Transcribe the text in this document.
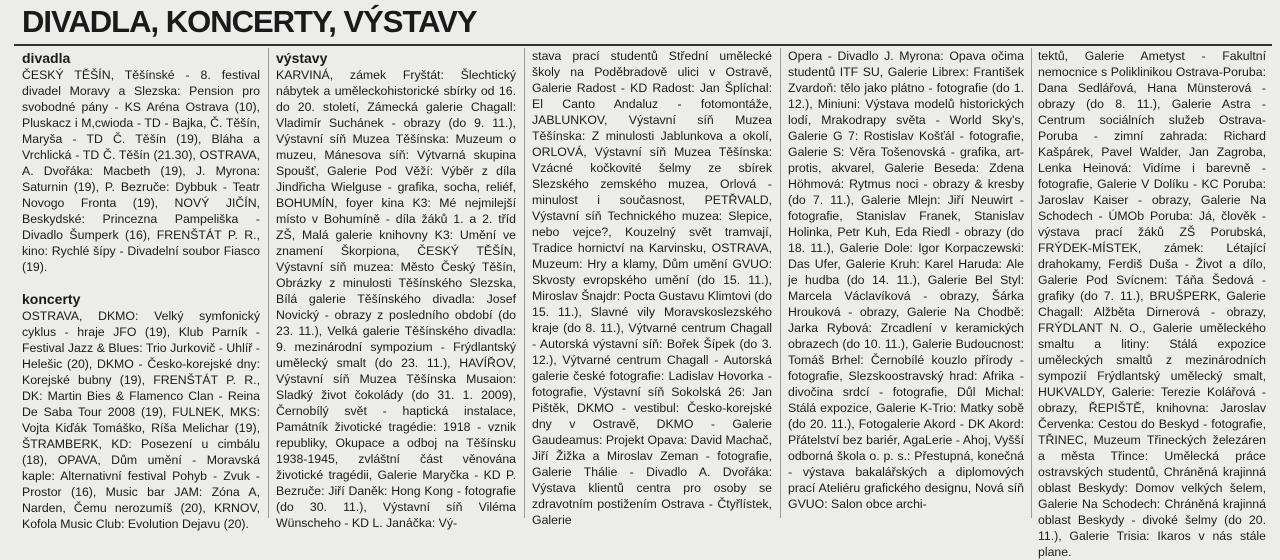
DIVADLA, KONCERTY, VÝSTAVY
divadla

ČESKÝ TĚŠÍN, Těšínské - 8. festival divadel Moravy a Slezska: Pension pro svobodné pány - KS Aréna Ostrava (10), Pluskacz i M,cwioda - TD - Bajka, Č. Těšín, Maryša - TD Č. Těšín (19), Bláha a Vrchlická - TD Č. Těšín (21.30), OSTRAVA, A. Dvořáka: Macbeth (19), J. Myrona: Saturnin (19), P. Bezruče: Dybbuk - Teatr Novogo Fronta (19), NOVÝ JIČÍN, Beskydské: Princezna Pampeliška - Divadlo Šumperk (16), FRENŠTÁT P. R., kino: Rychlé šípy - Divadelní soubor Fiasco (19).

koncerty

OSTRAVA, DKMO: Velký symfonický cyklus - hraje JFO (19), Klub Parník - Festival Jazz & Blues: Trio Jurkovič - Uhlíř - Helešic (20), DKMO - Česko-korejské dny: Korejské bubny (19), FRENŠTÁT P. R., DK: Martin Bies & Flamenco Clan - Reina De Saba Tour 2008 (19), FULNEK, MKS: Vojta Kiďák Tomáško, Ríša Melichar (19), ŠTRAMBERK, KD: Posezení u cimbálu (18), OPAVA, Dům umění - Moravská kaple: Alternativní festival Pohyb - Zvuk - Prostor (16), Music bar JAM: Zóna A, Narden, Čemu nerozumíš (20), KRNOV, Kofola Music Club: Evolution Dejavu (20).

výstavy

KARVINÁ, zámek Fryštát: Šlechtický nábytek a uměleckohistorické sbírky od 16. do 20. století, Zámecká galerie Chagall: Vladimír Suchánek - obrazy (do 9. 11.), Výstavní síň Muzea Těšínska: Muzeum o muzeu, Mánesova síň: Výtvarná skupina Spoušť, Galerie Pod Věží: Výběr z díla Jindřicha Wielguse - grafika, socha, reliéf, BOHUMÍN, foyer kina K3: Mé nejmilejší místo v Bohumíně - díla žáků 1. a 2. tříd ZŠ, Malá galerie knihovny K3: Umění ve znamení Škorpiona, ČESKÝ TĚŠÍN, Výstavní síň muzea: Město Český Těšín, Obrázky z minulosti Těšínského Slezska, Bílá galerie Těšínského divadla: Josef Novický - obrazy z posledního období (do 23. 11.), Velká galerie Těšínského divadla: 9. mezinárodní sympozium - Frýdlantský umělecký smalt (do 23. 11.), HAVÍŘOV, Výstavní síň Muzea Těšínska Musaion: Sladký život čokolády (do 31. 1. 2009), Černobílý svět - haptická instalace, Památník životické tragédie: 1918 - vznik republiky, Okupace a odboj na Těšínsku 1938-1945, zvláštní část věnována životické tragédii, Galerie Maryčka - KD P. Bezruče: Jiří Daněk: Hong Kong - fotografie (do 30. 11.), Výstavní síň Viléma Wünscheho - KD L. Janáčka: Vý-

stava prací studentů Střední umělecké školy na Poděbradově ulici v Ostravě, Galerie Radost - KD Radost: Jan Šplíchal: El Canto Andaluz - fotomontáže, JABLUNKOV, Výstavní síň Muzea Těšínska: Z minulosti Jablunkova a okolí, ORLOVÁ, Výstavní síň Muzea Těšínska: Vzácné kočkovité šelmy ze sbírek Slezského zemského muzea, Orlová - minulost i současnost, PETŘVALD, Výstavní síň Technického muzea: Slepice, nebo vejce?, Kouzelný svět tramvají, Tradice hornictví na Karvinsku, OSTRAVA, Muzeum: Hry a klamy, Dům umění GVUO: Skvosty evropského umění (do 15. 11.), Miroslav Šnajdr: Pocta Gustavu Klimtovi (do 15. 11.), Slavné vily Moravskoslezského kraje (do 8. 11.), Výtvarné centrum Chagall - Autorská výstavní síň: Bořek Šípek (do 3. 12.), Výtvarné centrum Chagall - Autorská galerie české fotografie: Ladislav Hovorka - fotografie, Výstavní síň Sokolská 26: Jan Pištěk, DKMO - vestibul: Česko-korejské dny v Ostravě, DKMO - Galerie Gaudeamus: Projekt Opava: David Machač, Jiří Žižka a Miroslav Zeman - fotografie, Galerie Thálie - Divadlo A. Dvořáka: Výstava klientů centra pro osoby se zdravotním postižením Ostrava - Čtyřlístek, Galerie

Opera - Divadlo J. Myrona: Opava očima studentů ITF SU, Galerie Librex: František Zvardoň: tělo jako plátno - fotografie (do 1. 12.), Miniuni: Výstava modelů historických lodí, Mrakodrapy světa - World Sky's, Galerie G 7: Rostislav Košťál - fotografie, Galerie S: Věra Tošenovská - grafika, art-protis, akvarel, Galerie Beseda: Zdena Höhmová: Rytmus noci - obrazy & kresby (do 7. 11.), Galerie Mlejn: Jiří Neuwirt - fotografie, Stanislav Franek, Stanislav Holinka, Petr Kuh, Eda Riedl - obrazy (do 18. 11.), Galerie Dole: Igor Korpaczewski: Das Ufer, Galerie Kruh: Karel Haruda: Ale je hudba (do 14. 11.), Galerie Bel Styl: Marcela Václavíková - obrazy, Šárka Hrouková - obrazy, Galerie Na Chodbě: Jarka Rybová: Zrcadlení v keramických obrazech (do 10. 11.), Galerie Budoucnost: Tomáš Brhel: Černobílé kouzlo přírody - fotografie, Slezskoostravský hrad: Afrika - divočina srdcí - fotografie, Důl Michal: Stálá expozice, Galerie K-Trio: Matky sobě (do 20. 11.), Fotogalerie Akord - DK Akord: Přátelství bez bariér, AgaLerie - Ahoj, Vyšší odborná škola o. p. s.: Přestupná, konečná - výstava bakalářských a diplomových prací Ateliéru grafického designu, Nová síň GVUO: Salon obce archi-

tektů, Galerie Ametyst - Fakultní nemocnice s Poliklinikou Ostrava-Poruba: Dana Sedlářová, Hana Münsterová - obrazy (do 8. 11.), Galerie Astra - Centrum sociálních služeb Ostrava-Poruba - zimní zahrada: Richard Kašpárek, Pavel Walder, Jan Zagroba, Lenka Heinová: Vidíme i barevně - fotografie, Galerie V Dolíku - KC Poruba: Jaroslav Kaiser - obrazy, Galerie Na Schodech - ÚMOb Poruba: Já, člověk - výstava prací žáků ZŠ Porubská, FRÝDEK-MÍSTEK, zámek: Létající drahokamy, Ferdiš Duša - Život a dílo, Galerie Pod Svícnem: Táňa Šedová - grafiky (do 7. 11.), BRUŠPERK, Galerie Chagall: Alžběta Dirnerová - obrazy, FRÝDLANT N. O., Galerie uměleckého smaltu a litiny: Stálá expozice uměleckých smaltů z mezinárodních sympozií Frýdlantský umělecký smalt, HUKVALDY, Galerie: Terezie Kolářová - obrazy, ŘEPIŠTĚ, knihovna: Jaroslav Červenka: Cestou do Beskyd - fotografie, TŘINEC, Muzeum Třineckých železáren a města Třince: Umělecká práce ostravských studentů, Chráněná krajinná oblast Beskydy: Domov velkých šelem, Galerie Na Schodech: Chráněná krajinná oblast Beskydy - divoké šelmy (do 20. 11.), Galerie Trisia: Ikaros v nás stále plane.
